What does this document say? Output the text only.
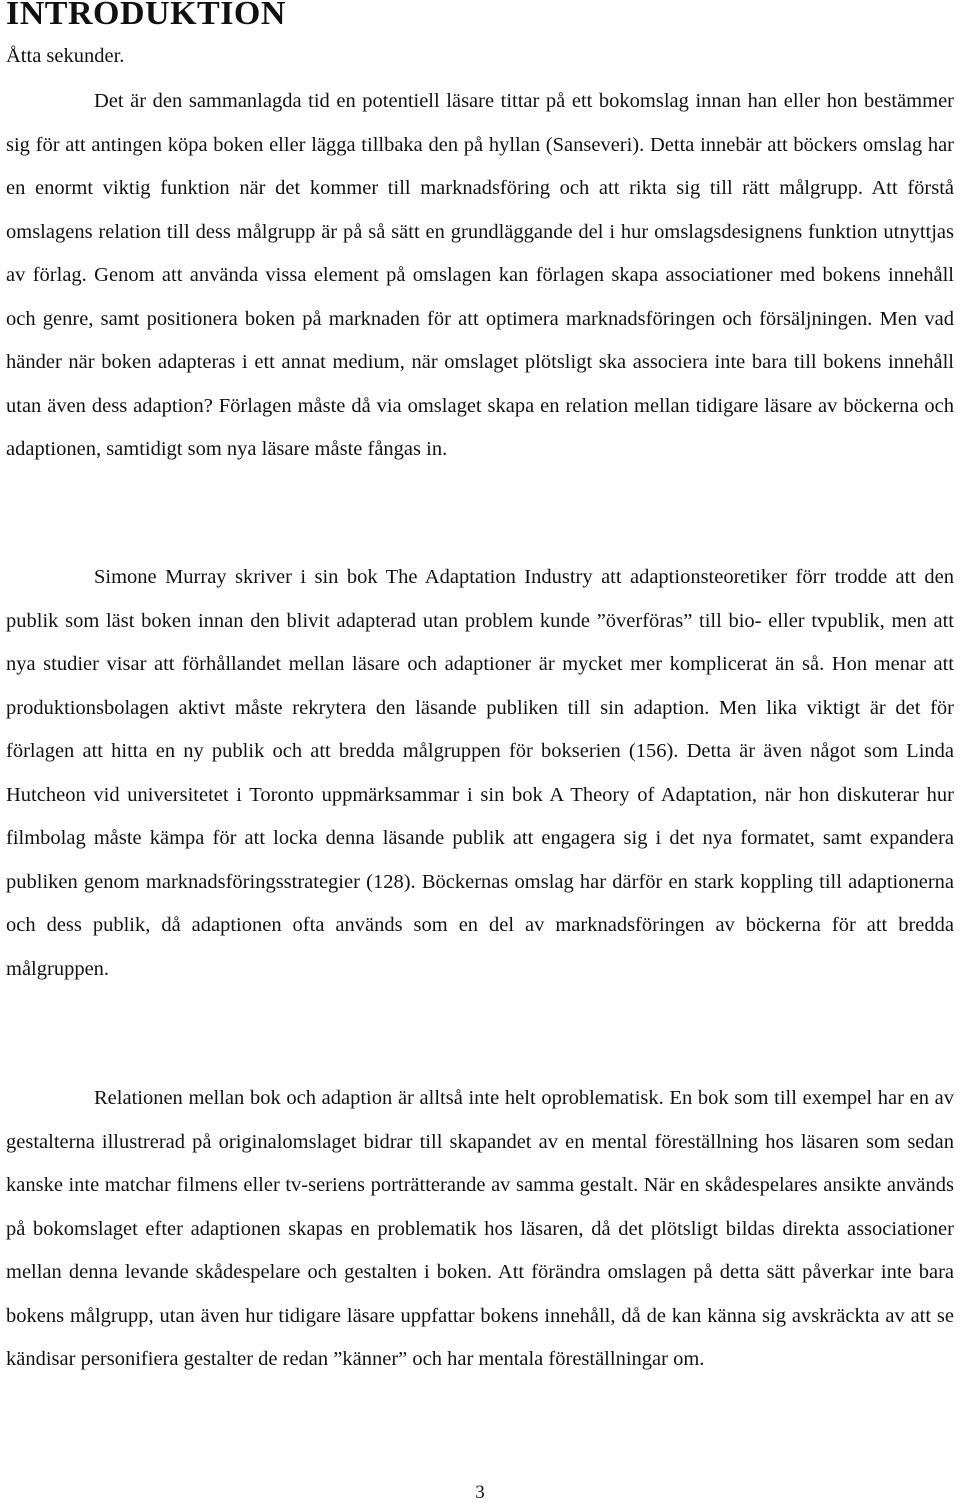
INTRODUKTION

Åtta sekunder.

Det är den sammanlagda tid en potentiell läsare tittar på ett bokomslag innan han eller hon bestämmer sig för att antingen köpa boken eller lägga tillbaka den på hyllan (Sanseveri). Detta innebär att böckers omslag har en enormt viktig funktion när det kommer till marknadsföring och att rikta sig till rätt målgrupp. Att förstå omslagens relation till dess målgrupp är på så sätt en grundläggande del i hur omslagsdesignens funktion utnyttjas av förlag. Genom att använda vissa element på omslagen kan förlagen skapa associationer med bokens innehåll och genre, samt positionera boken på marknaden för att optimera marknadsföringen och försäljningen. Men vad händer när boken adapteras i ett annat medium, när omslaget plötsligt ska associera inte bara till bokens innehåll utan även dess adaption? Förlagen måste då via omslaget skapa en relation mellan tidigare läsare av böckerna och adaptionen, samtidigt som nya läsare måste fångas in.

Simone Murray skriver i sin bok The Adaptation Industry att adaptionsteoretiker förr trodde att den publik som läst boken innan den blivit adapterad utan problem kunde ”överföras” till bio- eller tvpublik, men att nya studier visar att förhållandet mellan läsare och adaptioner är mycket mer komplicerat än så. Hon menar att produktionsbolagen aktivt måste rekrytera den läsande publiken till sin adaption. Men lika viktigt är det för förlagen att hitta en ny publik och att bredda målgruppen för bokserien (156). Detta är även något som Linda Hutcheon vid universitetet i Toronto uppmärksammar i sin bok A Theory of Adaptation, när hon diskuterar hur filmbolag måste kämpa för att locka denna läsande publik att engagera sig i det nya formatet, samt expandera publiken genom marknadsföringsstrategier (128). Böckernas omslag har därför en stark koppling till adaptionerna och dess publik, då adaptionen ofta används som en del av marknadsföringen av böckerna för att bredda målgruppen.

Relationen mellan bok och adaption är alltså inte helt oproblematisk. En bok som till exempel har en av gestalterna illustrerad på originalomslaget bidrar till skapandet av en mental föreställning hos läsaren som sedan kanske inte matchar filmens eller tv-seriens porträtterande av samma gestalt. När en skådespelares ansikte används på bokomslaget efter adaptionen skapas en problematik hos läsaren, då det plötsligt bildas direkta associationer mellan denna levande skådespelare och gestalten i boken. Att förändra omslagen på detta sätt påverkar inte bara bokens målgrupp, utan även hur tidigare läsare uppfattar bokens innehåll, då de kan känna sig avskräckta av att se kändisar personifiera gestalter de redan ”känner” och har mentala föreställningar om.

3
